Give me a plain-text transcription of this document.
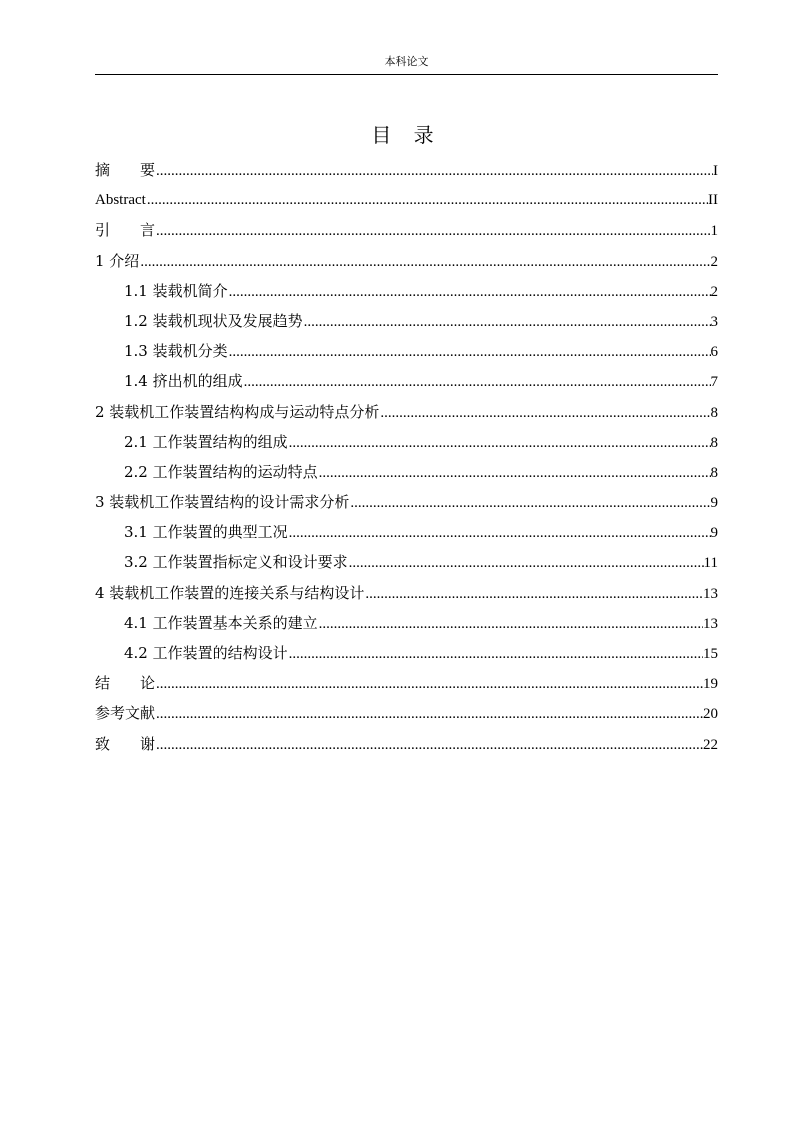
本科论文
目 录
摘　　要 .....	I
Abstract .....	II
引　　言 .....	1
1 介绍 .....	2
1.1 装载机简介 .....	2
1.2 装载机现状及发展趋势 .....	3
1.3 装载机分类 .....	6
1.4 挤出机的组成 .....	7
2 装载机工作装置结构构成与运动特点分析 .....	8
2.1 工作装置结构的组成 .....	8
2.2 工作装置结构的运动特点 .....	8
3 装载机工作装置结构的设计需求分析 .....	9
3.1 工作装置的典型工况 .....	9
3.2 工作装置指标定义和设计要求 .....	11
4 装载机工作装置的连接关系与结构设计 .....	13
4.1 工作装置基本关系的建立 .....	13
4.2 工作装置的结构设计 .....	15
结　　论 .....	19
参考文献 .....	20
致　　谢 .....	22
